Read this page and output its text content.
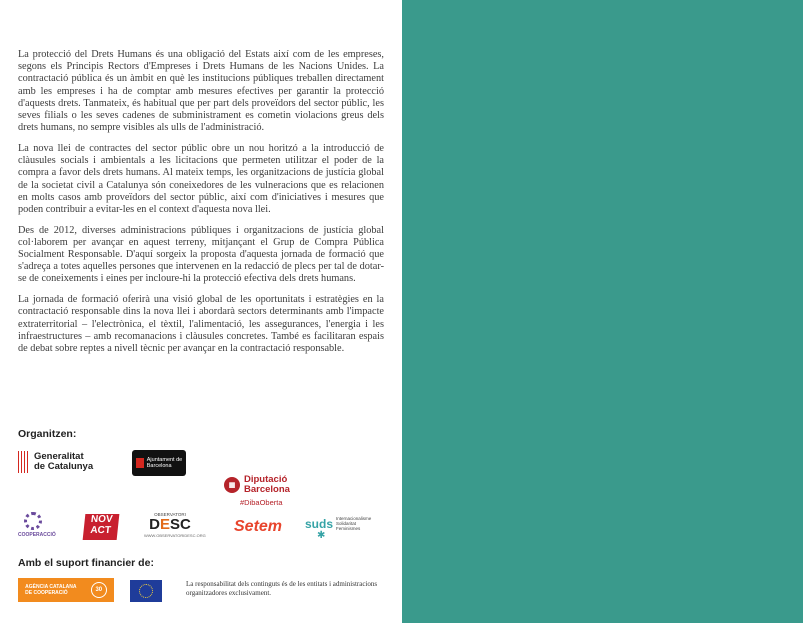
La protecció del Drets Humans és una obligació del Estats així com de les empreses, segons els Principis Rectors d'Empreses i Drets Humans de les Nacions Unides. La contractació pública és un àmbit en què les institucions públiques treballen directament amb les empreses i ha de comptar amb mesures efectives per garantir la protecció d'aquests drets. Tanmateix, és habitual que per part dels proveïdors del sector públic, les seves filials o les seves cadenes de subministrament es cometin violacions greus dels drets humans, no sempre visibles als ulls de l'administració.

La nova llei de contractes del sector públic obre un nou horitzó a la introducció de clàusules socials i ambientals a les licitacions que permeten utilitzar el poder de la compra a favor dels drets humans. Al mateix temps, les organitzacions de justícia global de la societat civil a Catalunya són coneixedores de les vulneracions que es relacionen en molts casos amb proveïdors del sector públic, així com d'iniciatives i mesures que poden contribuir a evitar-les en el context d'aquesta nova llei.

Des de 2012, diverses administracions públiques i organitzacions de justícia global col·laborem per avançar en aquest terreny, mitjançant el Grup de Compra Pública Socialment Responsable. D'aquí sorgeix la proposta d'aquesta jornada de formació que s'adreça a totes aquelles persones que intervenen en la redacció de plecs per tal de dotar-se de coneixements i eines per incloure-hi la protecció efectiva dels drets humans.

La jornada de formació oferirà una visió global de les oportunitats i estratègies en la contractació responsable dins la nova llei i abordarà sectors determinants amb l'impacte extraterritorial – l'electrònica, el tèxtil, l'alimentació, les assegurances, l'energia i les infraestructures – amb recomanacions i clàusules concretes. També es facilitaran espais de debat sobre reptes a nivell tècnic per avançar en la contractació responsable.

Organitzen:
Generalitat
de Catalunya
Ajuntament de
Barcelona
▦
Diputació
Barcelona
#DibaOberta
COOPERACCIÓ
NOV
ACT
OBSERVATORI
DESC
WWW.OBSERVATORIDESC.ORG
Setem suds Internacionalisme
Solidaritat
Feminismes
✱
Amb el suport financier de:
AGÈNCIA CATALANA
DE COOPERACIÓ	30
La responsabilitat dels continguts és de les entitats i administracions organitzadores exclusivament.
